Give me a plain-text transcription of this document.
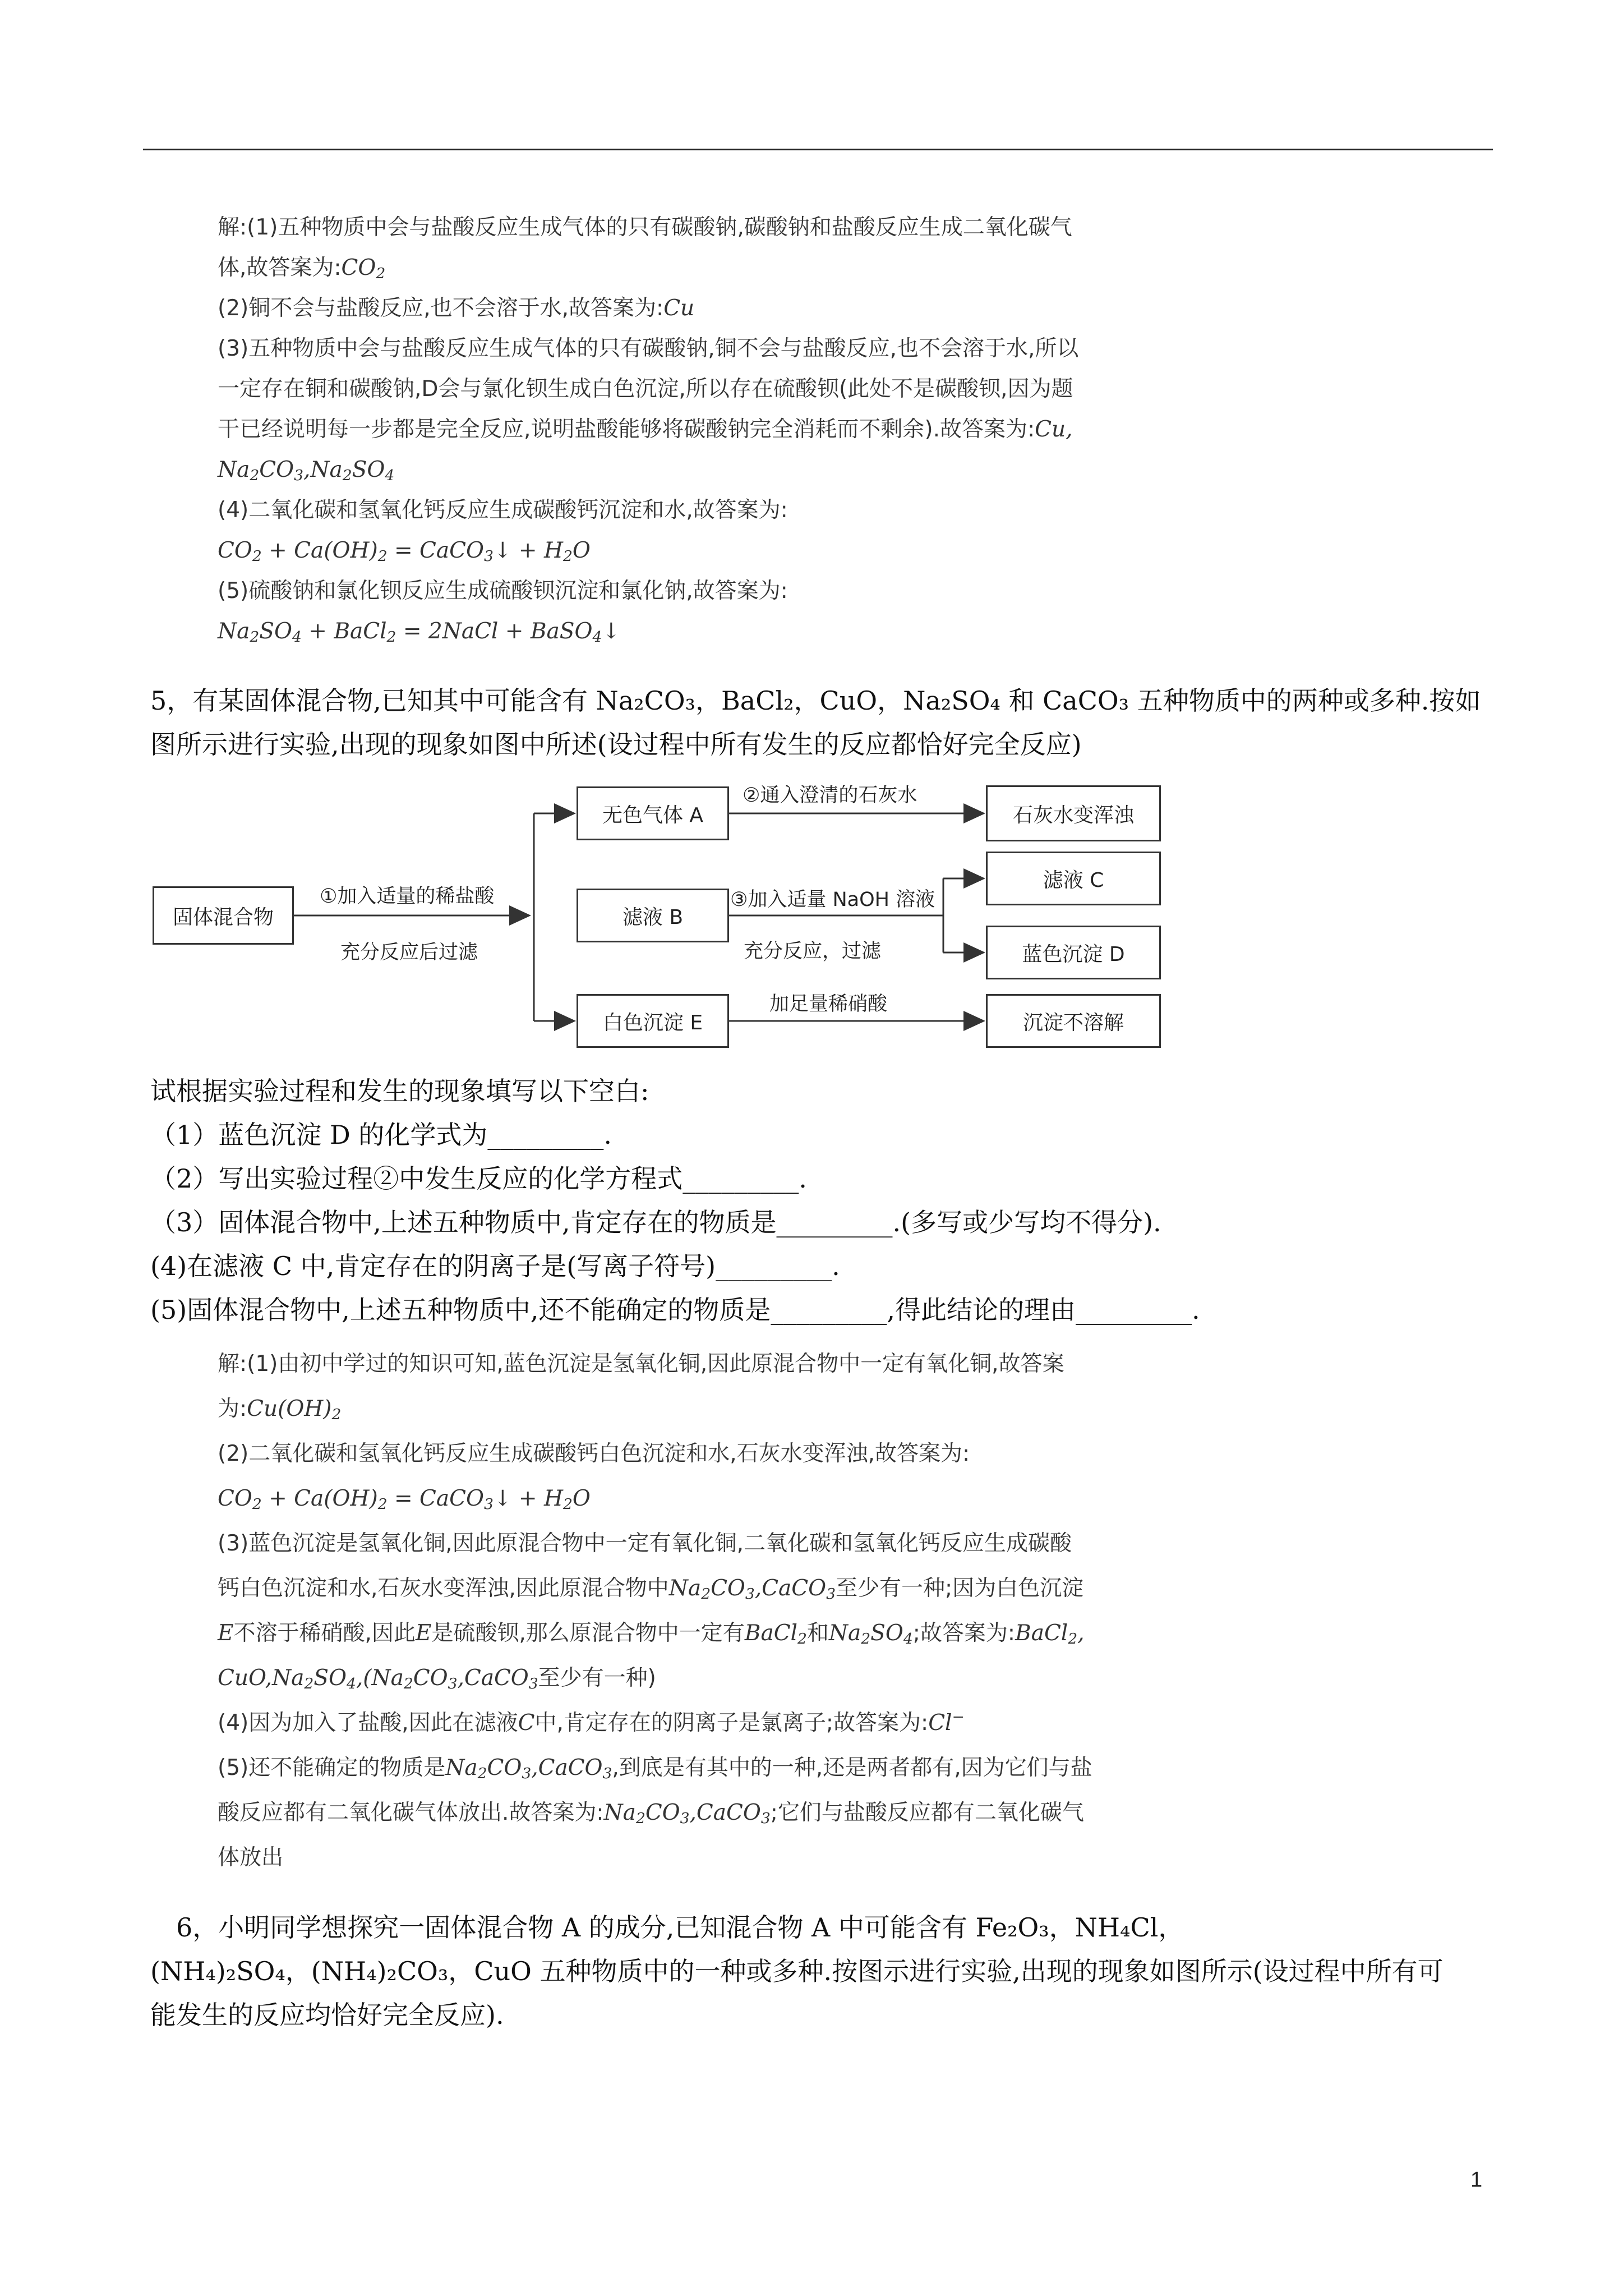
解:(1)五种物质中会与盐酸反应生成气体的只有碳酸钠,碳酸钠和盐酸反应生成二氧化碳气
体,故答案为$:CO_2$
(2)铜不会与盐酸反应,也不会溶于水,故答案为:Cu
(3)五种物质中会与盐酸反应生成气体的只有碳酸钠,铜不会与盐酸反应,也不会溶于水,所以
一定存在铜和碳酸钠,D会与氯化钡生成白色沉淀,所以存在硫酸钡(此处不是碳酸钡,因为题
干已经说明每一步都是完全反应,说明盐酸能够将碳酸钠完全消耗而不剩余).故答案为:Cu,
$Na_2CO_3,Na_2SO_4$
(4)二氧化碳和氢氧化钙反应生成碳酸钙沉淀和水,故答案为:
$CO_2 + Ca(OH)_2$ = CaCO$_3$↓ + $H_2O$
(5)硫酸钠和氯化钡反应生成硫酸钡沉淀和氯化钠,故答案为:
$Na_2SO_4$ + BaCl$_2$ = 2NaCl + BaSO$_4$↓
5，有某固体混合物,已知其中可能含有 Na₂CO₃，BaCl₂，CuO，Na₂SO₄ 和 CaCO₃ 五种物质中的两种或多种.按如
图所示进行实验,出现的现象如图中所述(设过程中所有发生的反应都恰好完全反应)
固体混合物
无色气体 A
滤液 B
白色沉淀 E
石灰水变浑浊
滤液 C
蓝色沉淀 D
沉淀不溶解
①加入适量的稀盐酸
充分反应后过滤
②通入澄清的石灰水
③加入适量 NaOH 溶液
充分反应，过滤
加足量稀硝酸
试根据实验过程和发生的现象填写以下空白:
（1）蓝色沉淀 D 的化学式为_________.
（2）写出实验过程②中发生反应的化学方程式_________.
（3）固体混合物中,上述五种物质中,肯定存在的物质是_________.(多写或少写均不得分).
(4)在滤液 C 中,肯定存在的阴离子是(写离子符号)_________.
(5)固体混合物中,上述五种物质中,还不能确定的物质是_________,得此结论的理由_________.
解:(1)由初中学过的知识可知,蓝色沉淀是氢氧化铜,因此原混合物中一定有氧化铜,故答案
为$:Cu(OH)_2$
(2)二氧化碳和氢氧化钙反应生成碳酸钙白色沉淀和水,石灰水变浑浊,故答案为:
$CO_2 + Ca(OH)_2$ = CaCO$_3$↓ + $H_2O$
(3)蓝色沉淀是氢氧化铜,因此原混合物中一定有氧化铜,二氧化碳和氢氧化钙反应生成碳酸
钙白色沉淀和水,石灰水变浑浊,因此原混合物中$Na_2CO_3,CaCO_3$至少有一种;因为白色沉淀
E不溶于稀硝酸,因此E是硫酸钡,那么原混合物中一定有BaCl$_2$和$Na_2SO_4$;故答案为:BaCl$_2$,
$CuO,Na_2SO_4,(Na_2CO_3,CaCO_3$至少有一种)
(4)因为加入了盐酸,因此在滤液C中,肯定存在的阴离子是氯离子;故答案为:Cl−
(5)还不能确定的物质是$Na_2CO_3,CaCO_3$,到底是有其中的一种,还是两者都有,因为它们与盐
酸反应都有二氧化碳气体放出.故答案为$:Na_2CO_3,CaCO_3$;它们与盐酸反应都有二氧化碳气
体放出
6，小明同学想探究一固体混合物 A 的成分,已知混合物 A 中可能含有 Fe₂O₃，NH₄Cl，
(NH₄)₂SO₄，(NH₄)₂CO₃，CuO 五种物质中的一种或多种.按图示进行实验,出现的现象如图所示(设过程中所有可
能发生的反应均恰好完全反应).
1
